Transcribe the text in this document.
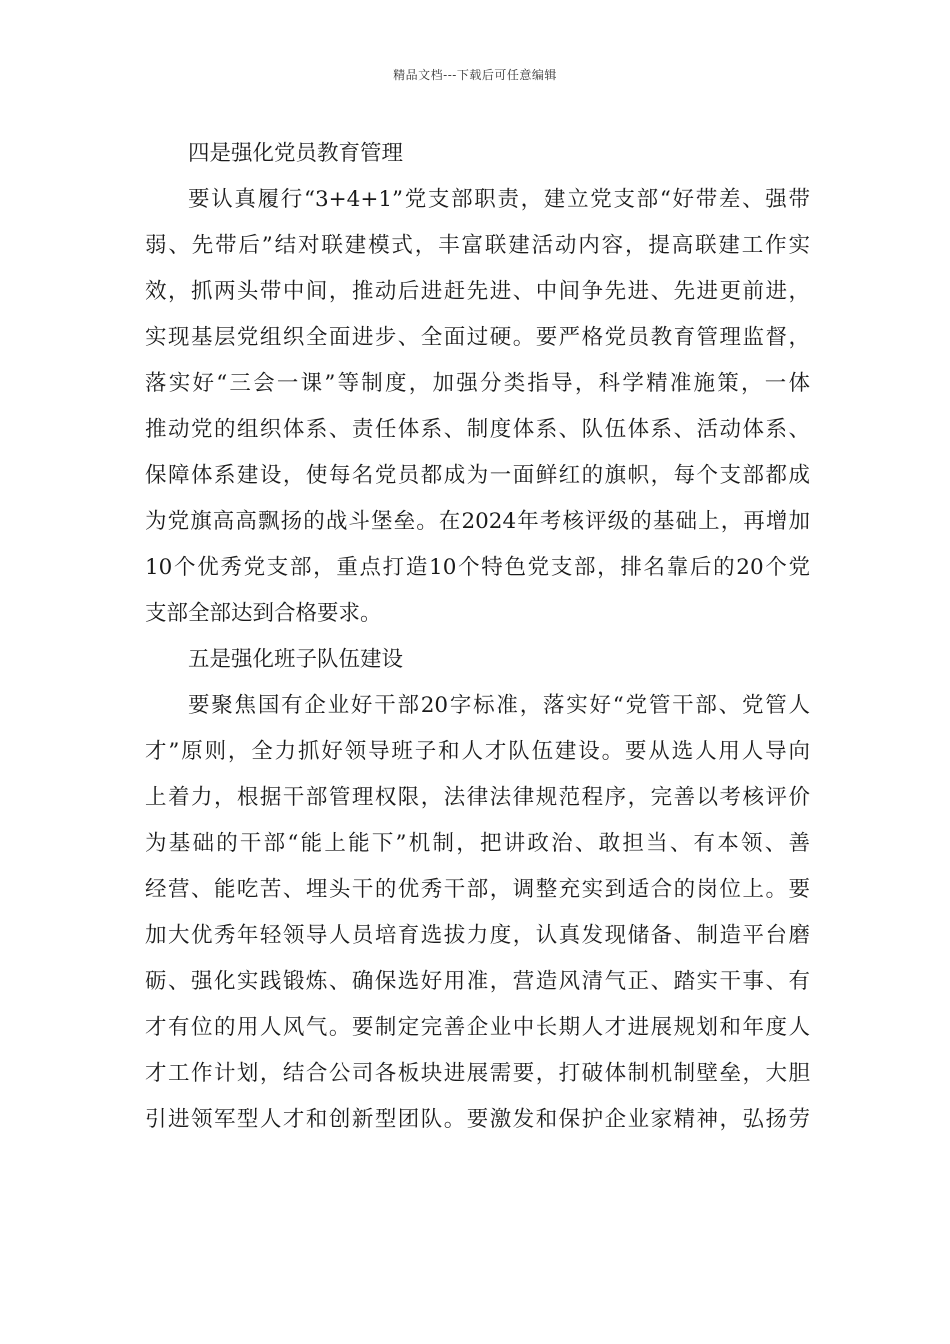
精品文档---下载后可任意编辑
四是强化党员教育管理
要认真履行“3+4+1”党支部职责，建立党支部“好带差、强带
弱、先带后”结对联建模式，丰富联建活动内容，提高联建工作实
效，抓两头带中间，推动后进赶先进、中间争先进、先进更前进，
实现基层党组织全面进步、全面过硬。要严格党员教育管理监督，
落实好“三会一课”等制度，加强分类指导，科学精准施策，一体
推动党的组织体系、责任体系、制度体系、队伍体系、活动体系、
保障体系建设，使每名党员都成为一面鲜红的旗帜，每个支部都成
为党旗高高飘扬的战斗堡垒。在2024年考核评级的基础上，再增加
10个优秀党支部，重点打造10个特色党支部，排名靠后的20个党
支部全部达到合格要求。
五是强化班子队伍建设
要聚焦国有企业好干部20字标准，落实好“党管干部、党管人
才”原则，全力抓好领导班子和人才队伍建设。要从选人用人导向
上着力，根据干部管理权限，法律法律规范程序，完善以考核评价
为基础的干部“能上能下”机制，把讲政治、敢担当、有本领、善
经营、能吃苦、埋头干的优秀干部，调整充实到适合的岗位上。要
加大优秀年轻领导人员培育选拔力度，认真发现储备、制造平台磨
砺、强化实践锻炼、确保选好用准，营造风清气正、踏实干事、有
才有位的用人风气。要制定完善企业中长期人才进展规划和年度人
才工作计划，结合公司各板块进展需要，打破体制机制壁垒，大胆
引进领军型人才和创新型团队。要激发和保护企业家精神，弘扬劳
